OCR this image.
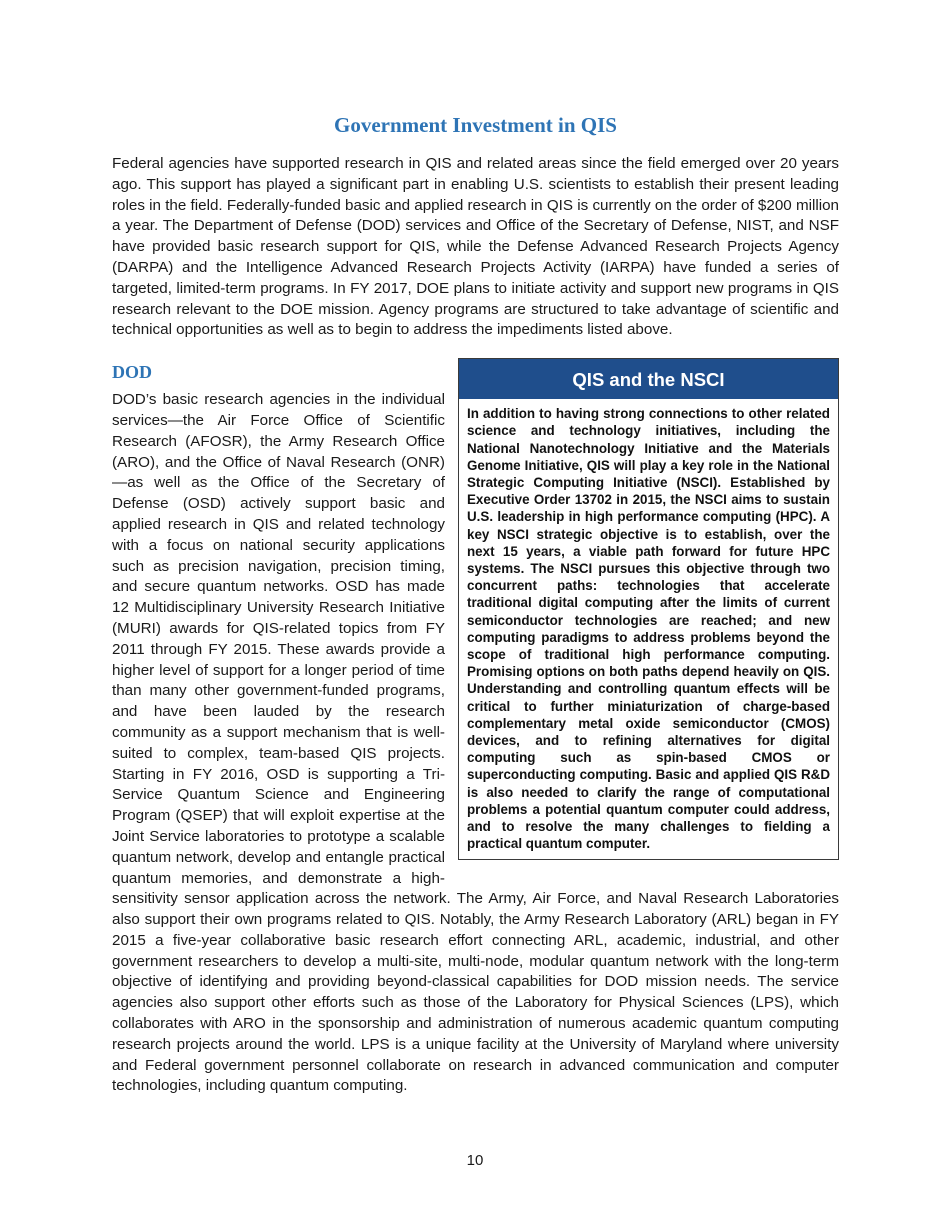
Government Investment in QIS

Federal agencies have supported research in QIS and related areas since the field emerged over 20 years ago. This support has played a significant part in enabling U.S. scientists to establish their present leading roles in the field. Federally-funded basic and applied research in QIS is currently on the order of $200 million a year. The Department of Defense (DOD) services and Office of the Secretary of Defense, NIST, and NSF have provided basic research support for QIS, while the Defense Advanced Research Projects Agency (DARPA) and the Intelligence Advanced Research Projects Activity (IARPA) have funded a series of targeted, limited-term programs. In FY 2017, DOE plans to initiate activity and support new programs in QIS research relevant to the DOE mission. Agency programs are structured to take advantage of scientific and technical opportunities as well as to begin to address the impediments listed above.

DOD	QIS and the NSCI
In addition to having strong connections to other related science and technology initiatives, including the National Nanotechnology Initiative and the Materials Genome Initiative, QIS will play a key role in the National Strategic Computing Initiative (NSCI). Established by Executive Order 13702 in 2015, the NSCI aims to sustain U.S. leadership in high performance computing (HPC). A key NSCI strategic objective is to establish, over the next 15 years, a viable path forward for future HPC systems. The NSCI pursues this objective through two concurrent paths: technologies that accelerate traditional digital computing after the limits of current semiconductor technologies are reached; and new computing paradigms to address problems beyond the scope of traditional high performance computing. Promising options on both paths depend heavily on QIS. Understanding and controlling quantum effects will be critical to further miniaturization of charge-based complementary metal oxide semiconductor (CMOS) devices, and to refining alternatives for digital computing such as spin-based CMOS or superconducting computing. Basic and applied QIS R&D is also needed to clarify the range of computational problems a potential quantum computer could address, and to resolve the many challenges to fielding a practical quantum computer.

DOD’s basic research agencies in the individual services—the Air Force Office of Scientific Research (AFOSR), the Army Research Office (ARO), and the Office of Naval Research (ONR)—as well as the Office of the Secretary of Defense (OSD) actively support basic and applied research in QIS and related technology with a focus on national security applications such as precision navigation, precision timing, and secure quantum networks. OSD has made 12 Multidisciplinary University Research Initiative (MURI) awards for QIS-related topics from FY 2011 through FY 2015. These awards provide a higher level of support for a longer period of time than many other government-funded programs, and have been lauded by the research community as a support mechanism that is well-suited to complex, team-based QIS projects. Starting in FY 2016, OSD is supporting a Tri-Service Quantum Science and Engineering Program (QSEP) that will exploit expertise at the Joint Service laboratories to prototype a scalable quantum network, develop and entangle practical quantum memories, and demonstrate a high-sensitivity sensor application across the network. The Army, Air Force, and Naval Research Laboratories also support their own programs related to QIS. Notably, the Army Research Laboratory (ARL) began in FY 2015 a five-year collaborative basic research effort connecting ARL, academic, industrial, and other government researchers to develop a multi-site, multi-node, modular quantum network with the long-term objective of identifying and providing beyond-classical capabilities for DOD mission needs. The service agencies also support other efforts such as those of the Laboratory for Physical Sciences (LPS), which collaborates with ARO in the sponsorship and administration of numerous academic quantum computing research projects around the world. LPS is a unique facility at the University of Maryland where university and Federal government personnel collaborate on research in advanced communication and computer technologies, including quantum computing.

10
